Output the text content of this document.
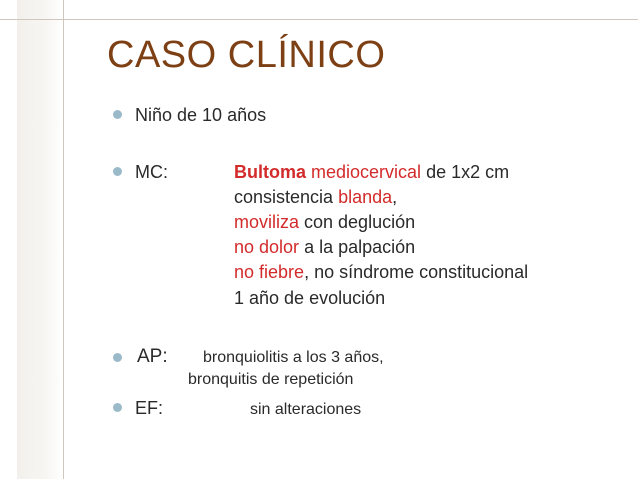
CASO CLÍNICO
Niño de 10 años
MC:	Bultoma mediocervical de 1x2 cm
consistencia blanda,
moviliza con deglución
no dolor a la palpación
no fiebre, no síndrome constitucional
1 año de evolución
AP: bronquiolitis a los 3 años,
bronquitis de repetición
EF:	sin alteraciones
